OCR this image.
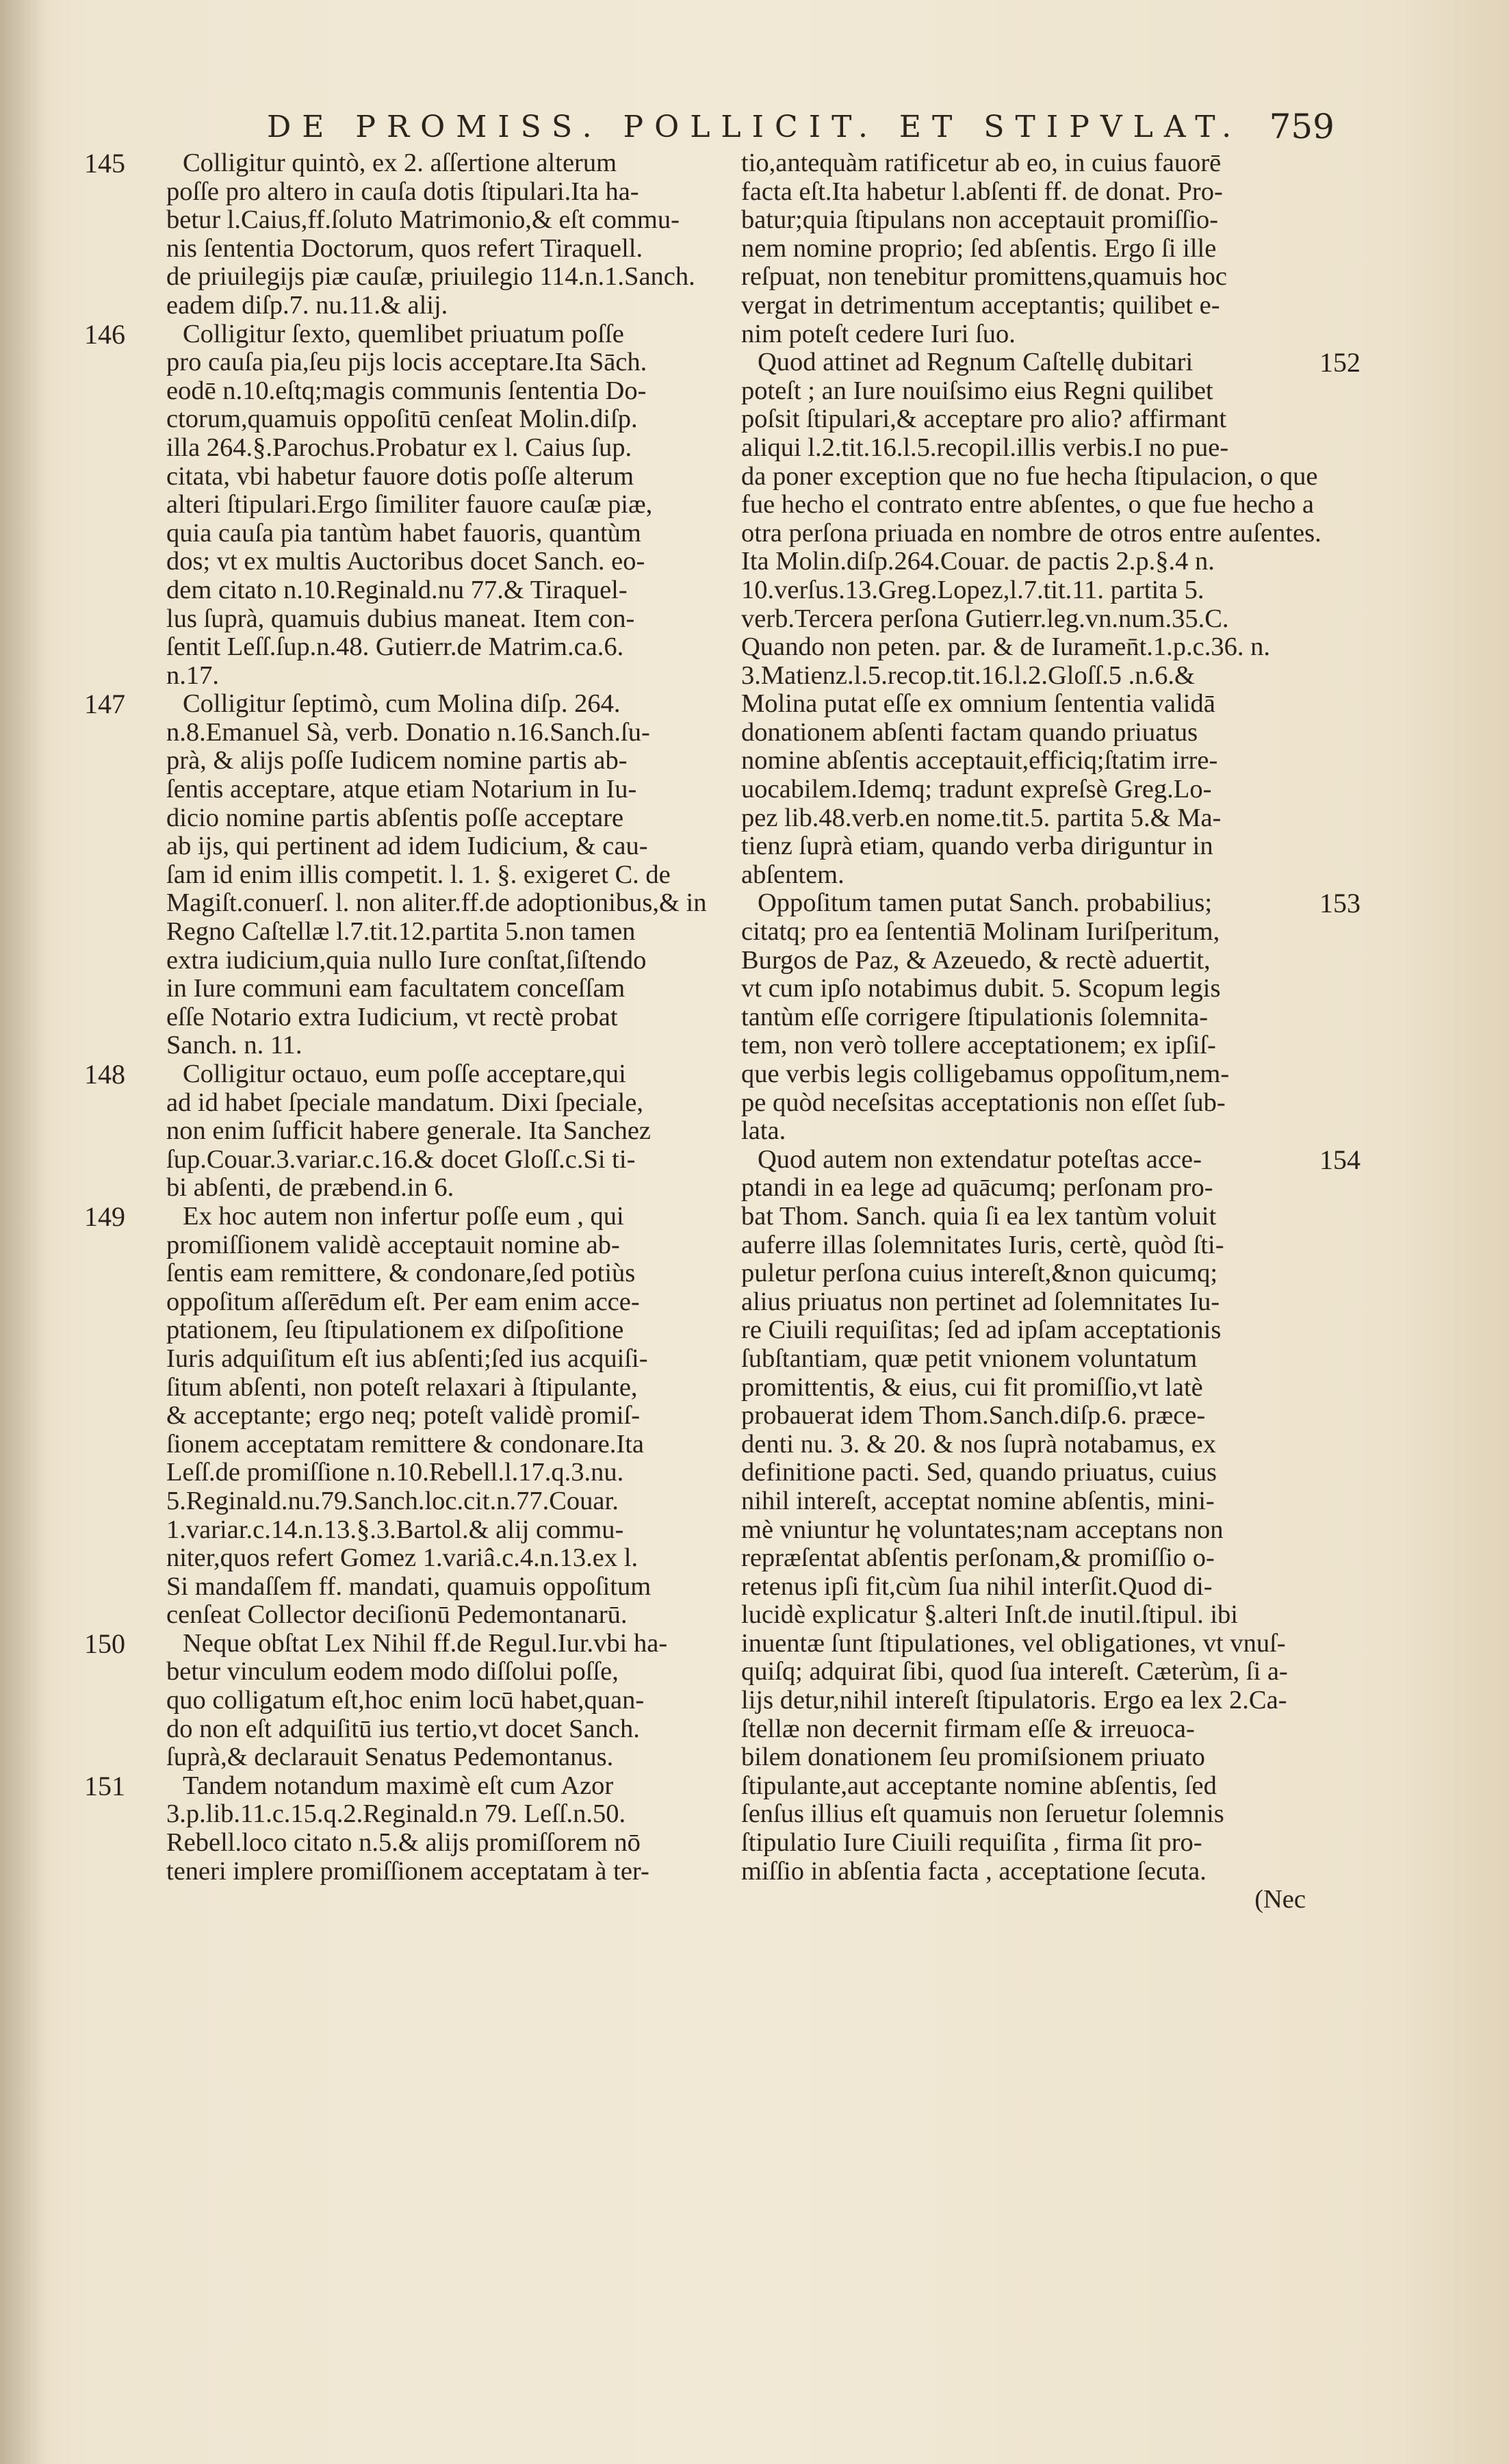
DE PROMISS. POLLICIT. ET STIPVLAT. 759
145	Colligitur quintò, ex 2. aſſertione alterum
poſſe pro altero in cauſa dotis ſtipulari.Ita ha-
betur l.Caius,ff.ſoluto Matrimonio,& eſt commu-
nis ſententia Doctorum, quos refert Tiraquell.
de priuilegijs piæ cauſæ, priuilegio 114.n.1.Sanch.
eadem diſp.7. nu.11.& alij.
146	Colligitur ſexto, quemlibet priuatum poſſe
pro cauſa pia,ſeu pijs locis acceptare.Ita Sāch.
eodē n.10.eſtq;magis communis ſententia Do-
ctorum,quamuis oppoſitū cenſeat Molin.diſp.
illa 264.§.Parochus.Probatur ex l. Caius ſup.
citata, vbi habetur fauore dotis poſſe alterum
alteri ſtipulari.Ergo ſimiliter fauore cauſæ piæ,
quia cauſa pia tantùm habet fauoris, quantùm
dos; vt ex multis Auctoribus docet Sanch. eo-
dem citato n.10.Reginald.nu 77.& Tiraquel-
lus ſuprà, quamuis dubius maneat. Item con-
ſentit Leſſ.ſup.n.48. Gutierr.de Matrim.ca.6.
n.17.
147	Colligitur ſeptimò, cum Molina diſp. 264.
n.8.Emanuel Sà, verb. Donatio n.16.Sanch.ſu-
prà, & alijs poſſe Iudicem nomine partis ab-
ſentis acceptare, atque etiam Notarium in Iu-
dicio nomine partis abſentis poſſe acceptare
ab ijs, qui pertinent ad idem Iudicium, & cau-
ſam id enim illis competit. l. 1. §. exigeret C. de
Magiſt.conuerſ. l. non aliter.ff.de adoptionibus,& in
Regno Caſtellæ l.7.tit.12.partita 5.non tamen
extra iudicium,quia nullo Iure conſtat,ſiſtendo
in Iure communi eam facultatem conceſſam
eſſe Notario extra Iudicium, vt rectè probat
Sanch. n. 11.
148	Colligitur octauo, eum poſſe acceptare,qui
ad id habet ſpeciale mandatum. Dixi ſpeciale,
non enim ſufficit habere generale. Ita Sanchez
ſup.Couar.3.variar.c.16.& docet Gloſſ.c.Si ti-
bi abſenti, de præbend.in 6.
149	Ex hoc autem non infertur poſſe eum , qui
promiſſionem validè acceptauit nomine ab-
ſentis eam remittere, & condonare,ſed potiùs
oppoſitum aſſerēdum eſt. Per eam enim acce-
ptationem, ſeu ſtipulationem ex diſpoſitione
Iuris adquiſitum eſt ius abſenti;ſed ius acquiſi-
ſitum abſenti, non poteſt relaxari à ſtipulante,
& acceptante; ergo neq; poteſt validè promiſ-
ſionem acceptatam remittere & condonare.Ita
Leſſ.de promiſſione n.10.Rebell.l.17.q.3.nu.
5.Reginald.nu.79.Sanch.loc.cit.n.77.Couar.
1.variar.c.14.n.13.§.3.Bartol.& alij commu-
niter,quos refert Gomez 1.variâ.c.4.n.13.ex l.
Si mandaſſem ff. mandati, quamuis oppoſitum
cenſeat Collector deciſionū Pedemontanarū.
150	Neque obſtat Lex Nihil ff.de Regul.Iur.vbi ha-
betur vinculum eodem modo diſſolui poſſe,
quo colligatum eſt,hoc enim locū habet,quan-
do non eſt adquiſitū ius tertio,vt docet Sanch.
ſuprà,& declarauit Senatus Pedemontanus.
151	Tandem notandum maximè eſt cum Azor
3.p.lib.11.c.15.q.2.Reginald.n 79. Leſſ.n.50.
Rebell.loco citato n.5.& alijs promiſſorem nō
teneri implere promiſſionem acceptatam à ter-
tio,antequàm ratificetur ab eo, in cuius fauorē
facta eſt.Ita habetur l.abſenti ff. de donat. Pro-
batur;quia ſtipulans non acceptauit promiſſio-
nem nomine proprio; ſed abſentis. Ergo ſi ille
reſpuat, non tenebitur promittens,quamuis hoc
vergat in detrimentum acceptantis; quilibet e-
nim poteſt cedere Iuri ſuo.
152
Quod attinet ad Regnum Caſtellę dubitari
poteſt ; an Iure nouiſsimo eius Regni quilibet
poſsit ſtipulari,& acceptare pro alio? affirmant
aliqui l.2.tit.16.l.5.recopil.illis verbis.I no pue-
da poner exception que no fue hecha ſtipulacion, o que
fue hecho el contrato entre abſentes, o que fue hecho a
otra perſona priuada en nombre de otros entre auſentes.
Ita Molin.diſp.264.Couar. de pactis 2.p.§.4 n.
10.verſus.13.Greg.Lopez,l.7.tit.11. partita 5.
verb.Tercera perſona Gutierr.leg.vn.num.35.C.
Quando non peten. par. & de Iuramen̄t.1.p.c.36. n.
3.Matienz.l.5.recop.tit.16.l.2.Gloſſ.5 .n.6.&
Molina putat eſſe ex omnium ſententia validā
donationem abſenti factam quando priuatus
nomine abſentis acceptauit,efficiq;ſtatim irre-
uocabilem.Idemq; tradunt expreſsè Greg.Lo-
pez lib.48.verb.en nome.tit.5. partita 5.& Ma-
tienz ſuprà etiam, quando verba diriguntur in
abſentem.
153
Oppoſitum tamen putat Sanch. probabilius;
citatq; pro ea ſententiā Molinam Iuriſperitum,
Burgos de Paz, & Azeuedo, & rectè aduertit,
vt cum ipſo notabimus dubit. 5. Scopum legis
tantùm eſſe corrigere ſtipulationis ſolemnita-
tem, non verò tollere acceptationem; ex ipſiſ-
que verbis legis colligebamus oppoſitum,nem-
pe quòd neceſsitas acceptationis non eſſet ſub-
lata.
154
Quod autem non extendatur poteſtas acce-
ptandi in ea lege ad quācumq; perſonam pro-
bat Thom. Sanch. quia ſi ea lex tantùm voluit
auferre illas ſolemnitates Iuris, certè, quòd ſti-
puletur perſona cuius intereſt,&non quicumq;
alius priuatus non pertinet ad ſolemnitates Iu-
re Ciuili requiſitas; ſed ad ipſam acceptationis
ſubſtantiam, quæ petit vnionem voluntatum
promittentis, & eius, cui fit promiſſio,vt latè
probauerat idem Thom.Sanch.diſp.6. præce-
denti nu. 3. & 20. & nos ſuprà notabamus, ex
definitione pacti. Sed, quando priuatus, cuius
nihil intereſt, acceptat nomine abſentis, mini-
mè vniuntur hę voluntates;nam acceptans non
repræſentat abſentis perſonam,& promiſſio o-
retenus ipſi fit,cùm ſua nihil interſit.Quod di-
lucidè explicatur §.alteri Inſt.de inutil.ſtipul. ibi
inuentæ ſunt ſtipulationes, vel obligationes, vt vnuſ-
quiſq; adquirat ſibi, quod ſua intereſt. Cæterùm, ſi a-
lijs detur,nihil intereſt ſtipulatoris. Ergo ea lex 2.Ca-
ſtellæ non decernit firmam eſſe & irreuoca-
bilem donationem ſeu promiſsionem priuato
ſtipulante,aut acceptante nomine abſentis, ſed
ſenſus illius eſt quamuis non ſeruetur ſolemnis
ſtipulatio Iure Ciuili requiſita , firma ſit pro-
miſſio in abſentia facta , acceptatione ſecuta.
(Nec
